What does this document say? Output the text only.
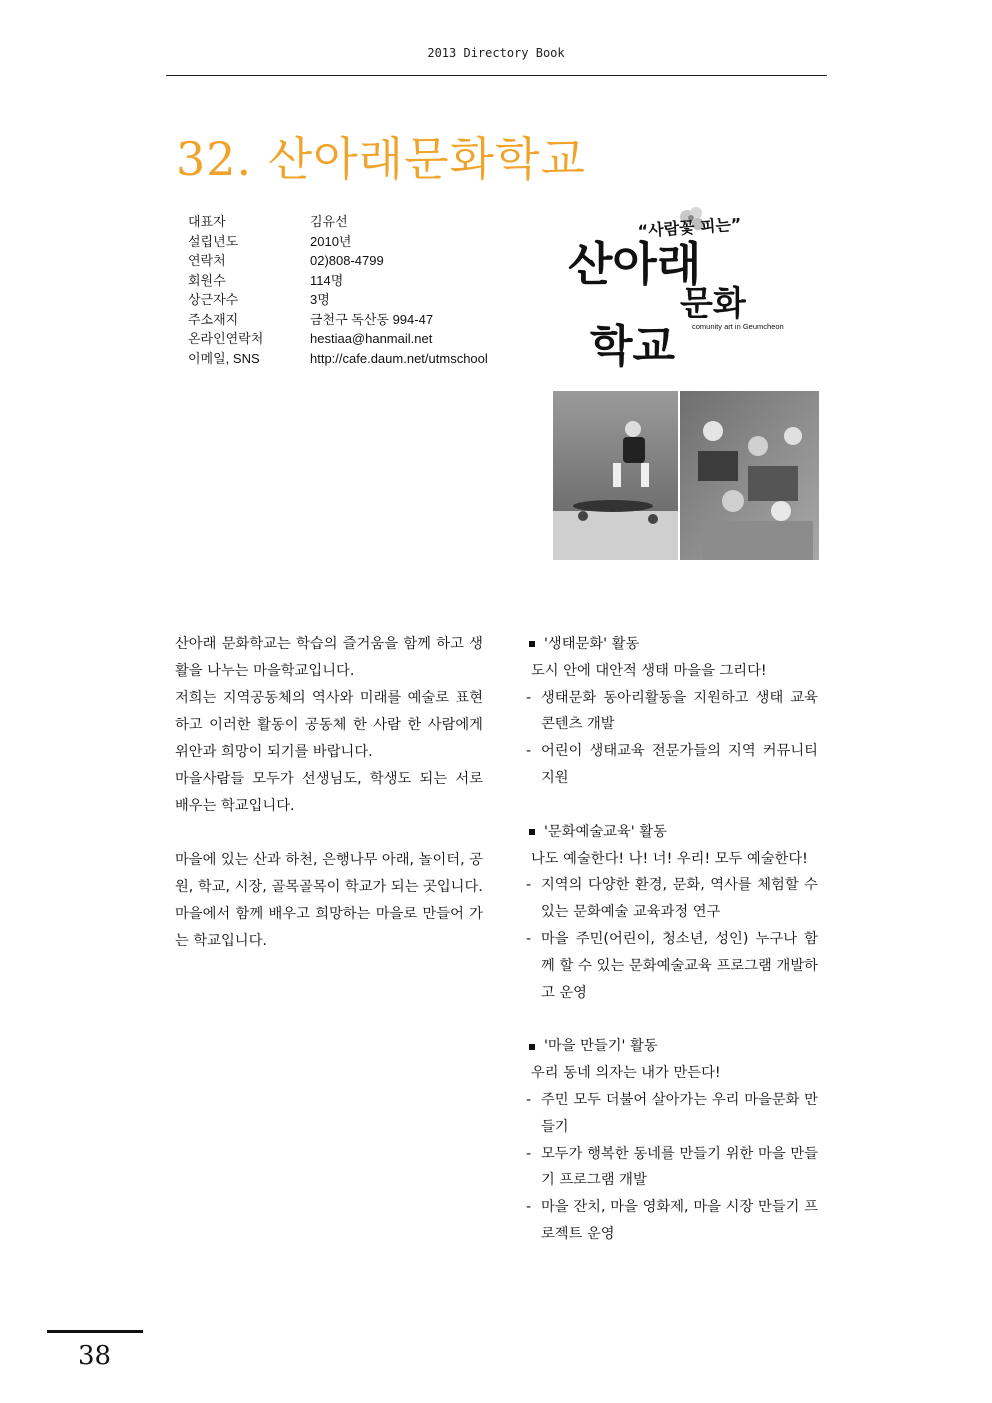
2013 Directory Book
32. 산아래문화학교
대표자	김유선
설립년도	2010년
연락처	02)808-4799
회원수	114명
상근자수	3명
주소재지	금천구 독산동 994-47
온라인연락처	hestiaa@hanmail.net
이메일, SNS	http://cafe.daum.net/utmschool
“사람꽃 피는”
산아래
문화
학교 comunity art in Geumcheon

산아래 문화학교는 학습의 즐거움을 함께 하고 생활을 나누는 마을학교입니다.

저희는 지역공동체의 역사와 미래를 예술로 표현하고 이러한 활동이 공동체 한 사람 한 사람에게 위안과 희망이 되기를 바랍니다.

마을사람들 모두가 선생님도, 학생도 되는 서로 배우는 학교입니다.

마을에 있는 산과 하천, 은행나무 아래, 놀이터, 공원, 학교, 시장, 골목골목이 학교가 되는 곳입니다.

마을에서 함께 배우고 희망하는 마을로 만들어 가는 학교입니다.

'생태문화' 활동
도시 안에 대안적 생태 마을을 그리다!
- 생태문화 동아리활동을 지원하고 생태 교육 콘텐츠 개발
- 어린이 생태교육 전문가들의 지역 커뮤니티 지원
'문화예술교육' 활동
나도 예술한다! 나! 너! 우리! 모두 예술한다!
- 지역의 다양한 환경, 문화, 역사를 체험할 수 있는 문화예술 교육과정 연구
- 마을 주민(어린이, 청소년, 성인) 누구나 함께 할 수 있는 문화예술교육 프로그램 개발하고 운영
'마을 만들기' 활동
우리 동네 의자는 내가 만든다!
- 주민 모두 더불어 살아가는 우리 마을문화 만들기
- 모두가 행복한 동네를 만들기 위한 마을 만들기 프로그램 개발
- 마을 잔치, 마을 영화제, 마을 시장 만들기 프로젝트 운영
38
